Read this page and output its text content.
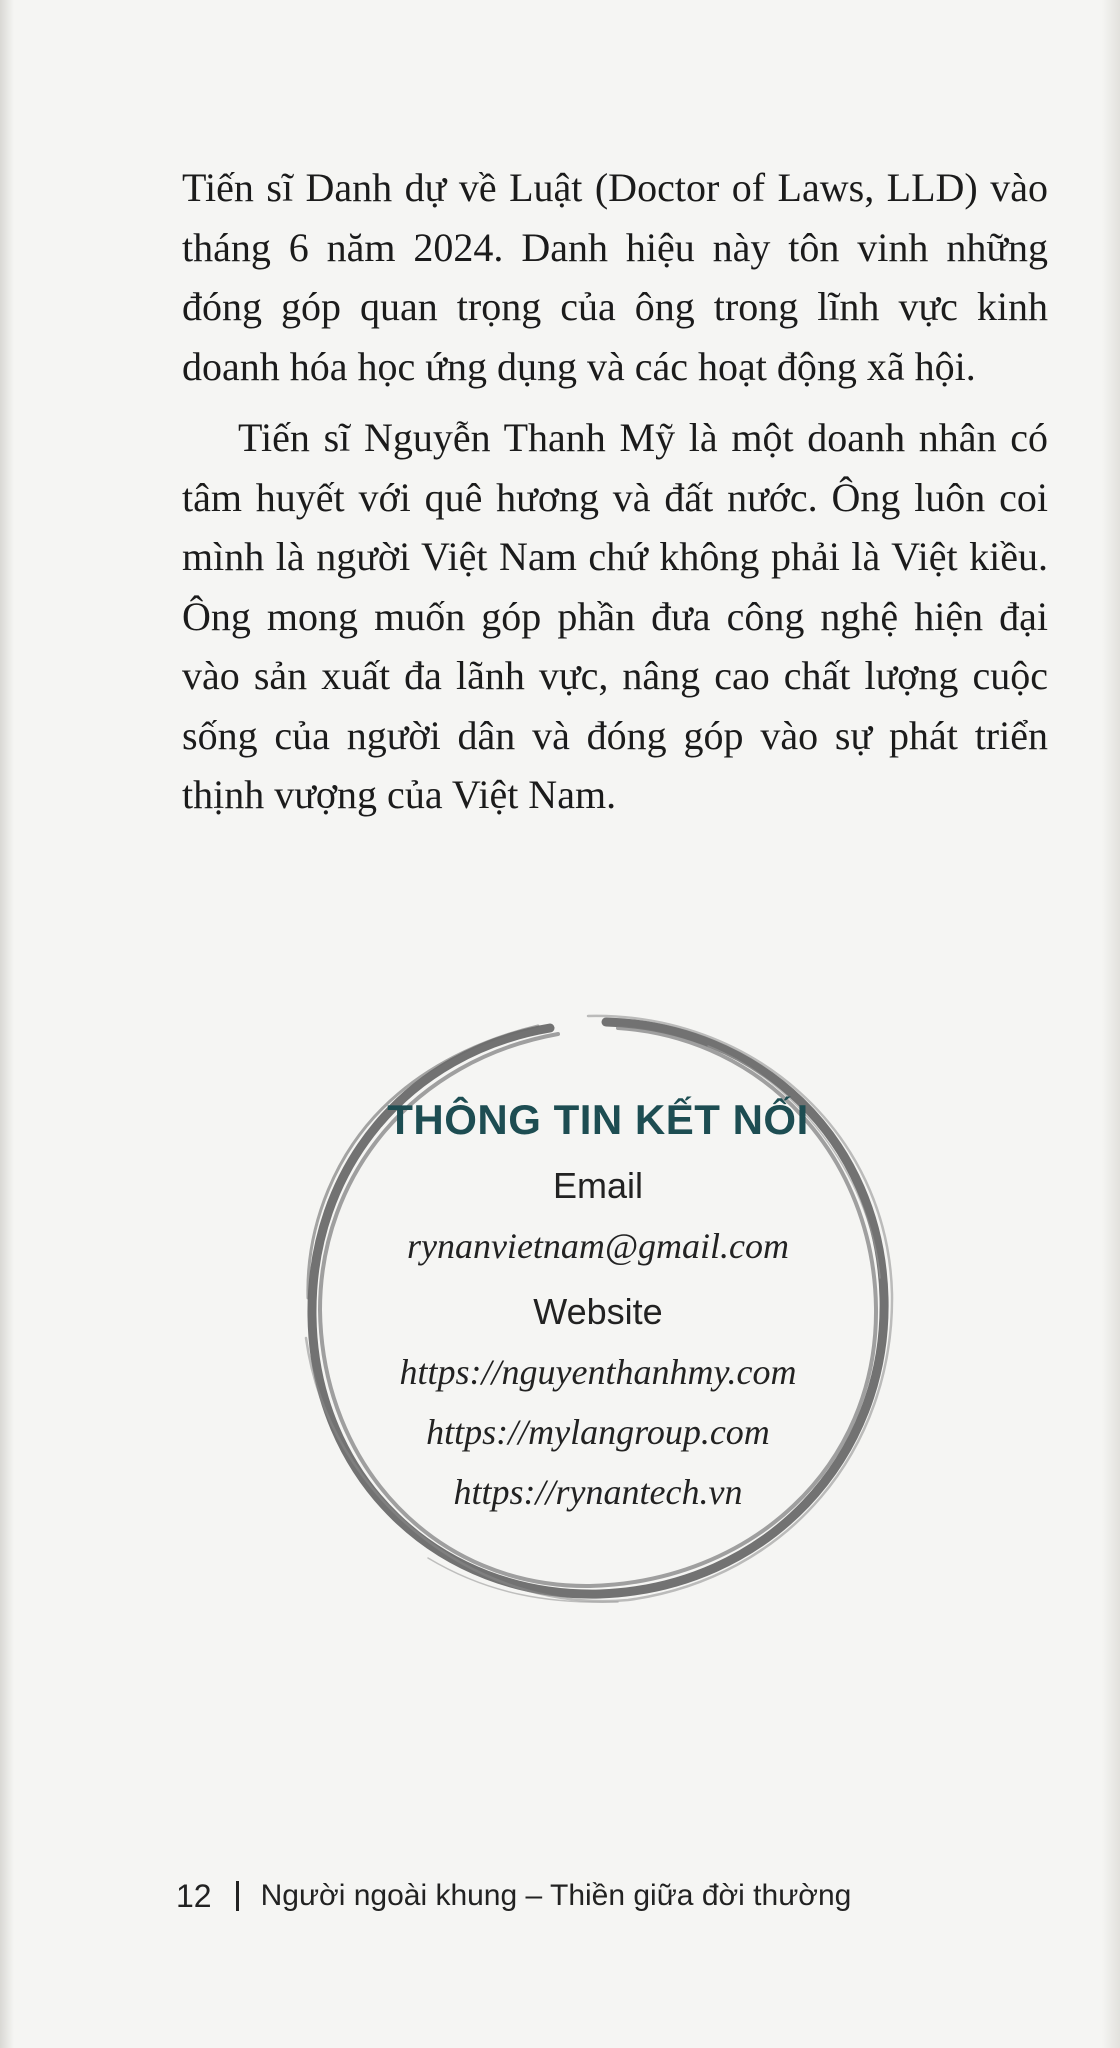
Tiến sĩ Danh dự về Luật (Doctor of Laws, LLD) vào tháng 6 năm 2024. Danh hiệu này tôn vinh những đóng góp quan trọng của ông trong lĩnh vực kinh doanh hóa học ứng dụng và các hoạt động xã hội.

Tiến sĩ Nguyễn Thanh Mỹ là một doanh nhân có tâm huyết với quê hương và đất nước. Ông luôn coi mình là người Việt Nam chứ không phải là Việt kiều. Ông mong muốn góp phần đưa công nghệ hiện đại vào sản xuất đa lãnh vực, nâng cao chất lượng cuộc sống của người dân và đóng góp vào sự phát triển thịnh vượng của Việt Nam.

THÔNG TIN KẾT NỐI

Email

rynanvietnam@gmail.com

Website

https://nguyenthanhmy.com

https://mylangroup.com

https://rynantech.vn

12 Người ngoài khung – Thiền giữa đời thường
